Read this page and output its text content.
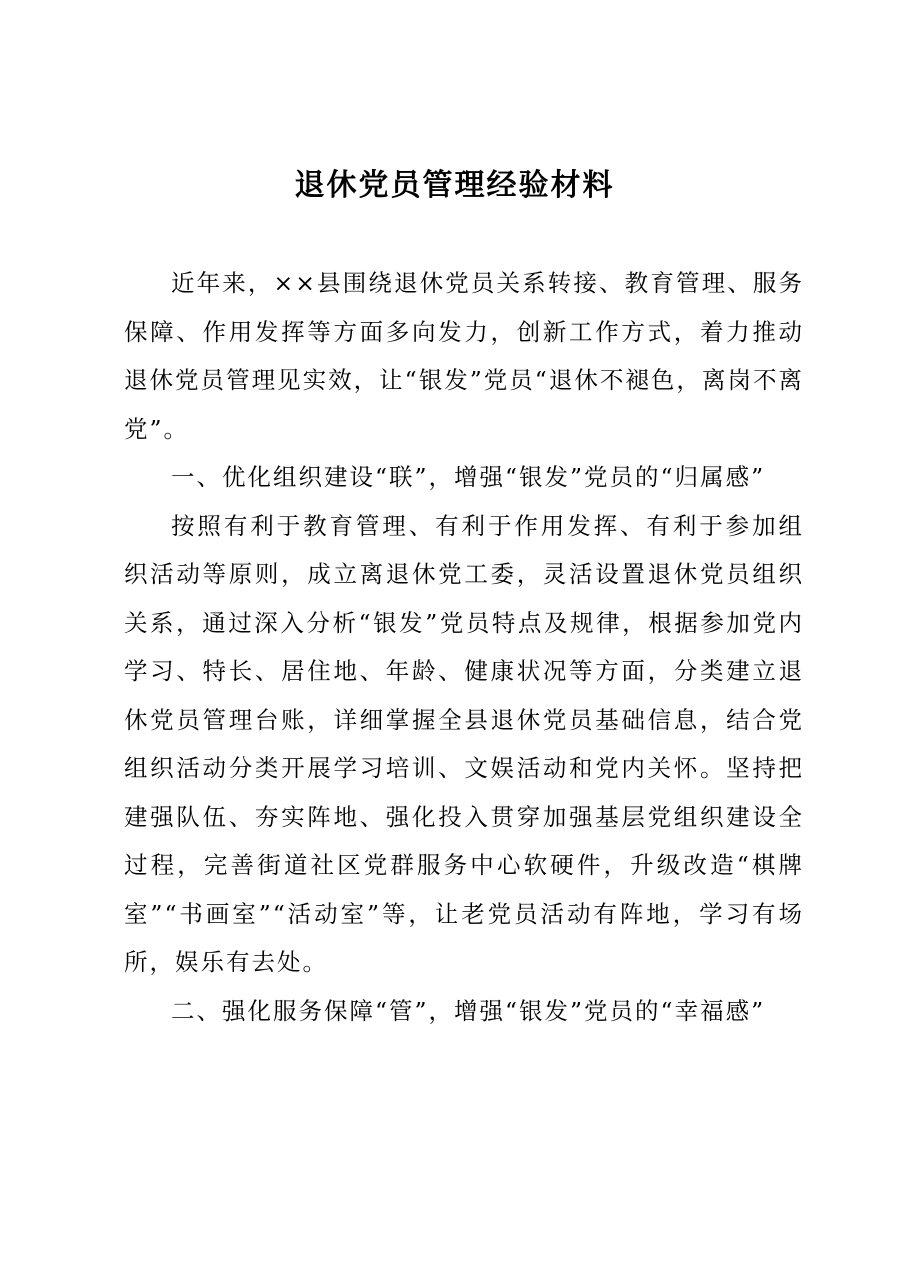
退休党员管理经验材料

近年来，××县围绕退休党员关系转接、教育管理、服务保障、作用发挥等方面多向发力，创新工作方式，着力推动退休党员管理见实效，让“银发”党员“退休不褪色，离岗不离党”。

一、优化组织建设“联”，增强“银发”党员的“归属感”

按照有利于教育管理、有利于作用发挥、有利于参加组织活动等原则，成立离退休党工委，灵活设置退休党员组织关系，通过深入分析“银发”党员特点及规律，根据参加党内学习、特长、居住地、年龄、健康状况等方面，分类建立退休党员管理台账，详细掌握全县退休党员基础信息，结合党组织活动分类开展学习培训、文娱活动和党内关怀。坚持把建强队伍、夯实阵地、强化投入贯穿加强基层党组织建设全过程，完善街道社区党群服务中心软硬件，升级改造“棋牌室”“书画室”“活动室”等，让老党员活动有阵地，学习有场所，娱乐有去处。

二、强化服务保障“管”，增强“银发”党员的“幸福感”
